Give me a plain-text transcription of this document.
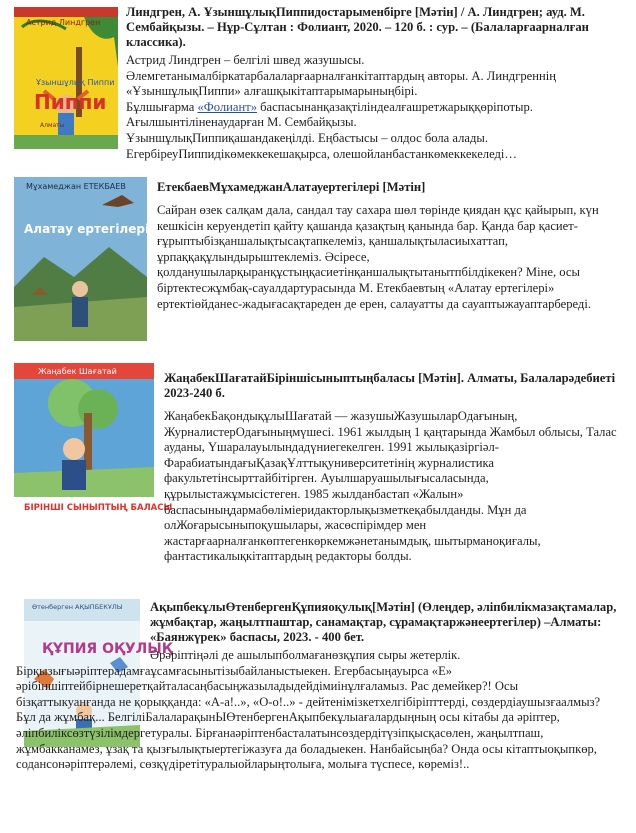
Астрид Линдгрен
Ұзыншұлық Пиппи
Пиппи
Алматы

Линдгрен, А. ҰзыншұлықПиппидостарыменбірге [Мәтін] / А. Линдгрен; ауд. М. Сембайқызы. – Нұр-Сұлтан : Фолиант, 2020. – 120 б. : сур. – (Балаларғаарналған классика).

Астрид Линдгрен – белгілі швед жазушысы.
Әлемгетанымалбіркатарбалаларғаарналғанкітаптардың авторы. А. Линдгреннің
«ҰзыншұлықПиппи» алғашқыкітаптарымарыныңбірі.
Бұлшығарма «Фолиант» баспасынанқазақтіліндеалғашретжарыққөріпотыр.
Ағылшынтіліненаударған М. Сембайқызы.
ҰзыншұлықПиппиқашандакеңілді. Еңбастысы – олдос бола алады.
ЕгербіреуПиппидікөмеккекешақырса, олешойланбастанкөмеккекеледі…
Мұхамеджан ЕТЕКБАЕВ
Алатау ертегілері

ЕтекбаевМұхамеджанАлатауертегілері [Мәтін]

Сайран өзек салқам дала, сандал тау сахара шөл төрінде қиядан құс қайырып, күн кешкісін керуендетіп қайту қашанда қазақтың қанында бар. Қанда бар қасиет-ғұрыптыбізқаншалықтысақтапкелеміз, қаншалықтыласиыхаттап, ұрпаққақұлындырыштеклеміз. Әсіресе, қолданушыларқыранқұстыңқасиетінқаншалықтытанытпбілдікекен? Міне, осы біртектесжұмбақ-сауалдартурасында М. Етекбаевтың «Алатау ертегілері» ертектіөйданес-жадығасақтареден де ерен, салауатты да сауаптыжауаптарбереді.

Жаңабек Шағатай
БІРІНШІ СЫНЫПТЫҢ БАЛАСЫ

ЖаңабекШағатайБіріншісыныптыңбаласы [Мәтін]. Алматы, Балаларәдебиеті 2023-240 б.

ЖаңабекБақондықұлыШағатай — жазушыЖазушыларОдағының, ЖурналистерОдағыныңмүшесі. 1961 жылдың 1 қаңтарында Жамбыл облысы, Талас ауданы, Үшаралауылындадүниегекелген. 1991 жылықазіргіәл-ФарабиатындағыҚазақҰлттықуниверситетінің журналистика факультетінсырттайбітірген. Ауылшаруашылығысаласында, құрылыстажұмысістеген. 1985 жылданбастап «Жалын» баспасыныңдармабөліміеридакторлықызметкеқабылданды. Мұн да олЖоғарысыныпоқушылары, жасөспірімдер мен жастарғаарналғанкөптегенкөркемжәнетанымдық, шытырманоқиғалы, фантастикалықкітаптардың редакторы болды.

Өтенберген АҚЫПБЕКҰЛЫ
ҚҰПИЯ ОҚУЛЫҚ

АқыпбекұлыӨтенбергенҚұпияоқулық[Мәтін] (Өлеңдер, әліпбилікмазақтамалар, жұмбақтар, жаңылтпаштар, санамақтар, сұрамақтаржәнеертегілер) –Алматы: «Баянжүрек» баспасы, 2023. - 400 бет.

Әрәріптіңәлі де ашылыпболмағанөзқұпия сыры жетерлік. Бірқызығыәріптерадамғаұсамғасынытізыбайланыстыекен. Егербасыңауырса «Е» әрібіншіптейбірнешеретқайталасаңбасыңжазыладыдейдімиінұлғаламыз. Рас демейкер?! Осы бізқаттыкуанғанда не қорыққанда: «А-а!..», «О-о!..» - дейтенімізкетхелгібіріпттерді, сөздердіаушызғаалмыз? Бұл да жұмбақ... БелгіліБалаларақынЫӨтенбергенАқыпбекұлыағалардыңның осы кітабы да әріптер, әліпбиліксөзтүзілімдергетуралы. Бірғанаәріптенбасталатынсөздердітүзіпқысқасөлен, жаңылтпаш, жұмбакканамез, ұзақ та қызғылықтыертегіжазуға да боладыекен. Нанбайсыңба? Онда осы кітаптыоқыпкөр, содансонәріптерәлемі, сөзқүдіретітуралыойларыңтолыға, молыға түспесе, көреміз!..
